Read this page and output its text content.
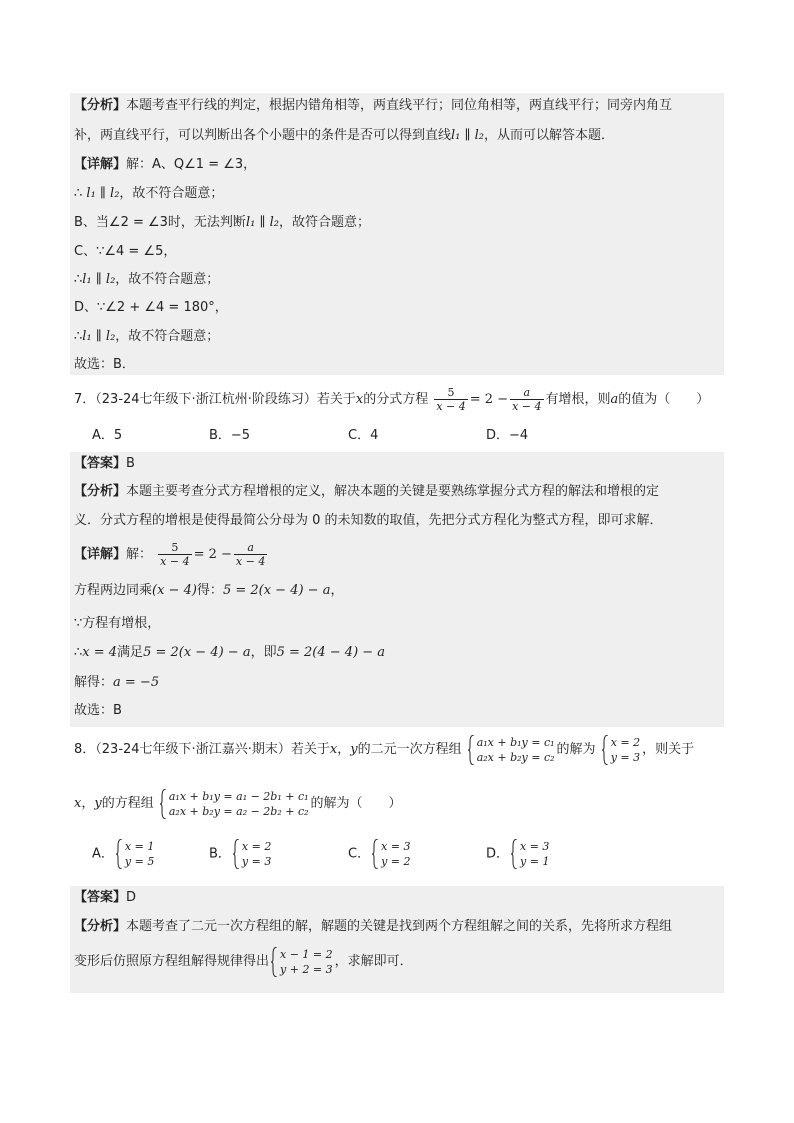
【分析】本题考查平行线的判定，根据内错角相等，两直线平行；同位角相等，两直线平行；同旁内角互
补，两直线平行，可以判断出各个小题中的条件是否可以得到直线l₁ ∥ l₂，从而可以解答本题．
【详解】解：A、Q∠1 = ∠3，
∴ l₁ ∥ l₂，故不符合题意；
B、当∠2 = ∠3时，无法判断l₁ ∥ l₂，故符合题意；
C、∵∠4 = ∠5，
∴l₁ ∥ l₂，故不符合题意；
D、∵∠2 + ∠4 = 180°，
∴l₁ ∥ l₂，故不符合题意；
故选：B．
7．（23-24七年级下·浙江杭州·阶段练习）若关于x的分式方程 $\frac{5}{x - 4} = 2 - \frac{a}{x - 4}$ 有增根，则a的值为（　　）
A．5	B．−5	C．4	D．−4
【答案】B
【分析】本题主要考查分式方程增根的定义，解决本题的关键是要熟练掌握分式方程的解法和增根的定
义．分式方程的增根是使得最简公分母为 0 的未知数的取值，先把分式方程化为整式方程，即可求解．
【详解】解： $\frac{5}{x - 4} = 2 - \frac{a}{x - 4}$
方程两边同乘(x − 4)得：5 = 2(x − 4) − a，
∵方程有增根，
∴x = 4满足5 = 2(x − 4) − a，即5 = 2(4 − 4) − a
解得：a = −5
故选：B
8．（23-24七年级下·浙江嘉兴·期末）若关于x，y的二元一次方程组 a₁x + b₁y = c₁
a₂x + b₂y = c₂ 的解为 x = 2
y = 3 ，则关于
x，y的方程组 a₁x + b₁y = a₁ − 2b₁ + c₁
a₂x + b₂y = a₂ − 2b₂ + c₂ 的解为（　　）
A． x = 1
y = 5	B． x = 2
y = 3	C． x = 3
y = 2	D． x = 3
y = 1
【答案】D
【分析】本题考查了二元一次方程组的解，解题的关键是找到两个方程组解之间的关系，先将所求方程组
变形后仿照原方程组解得规律得出 x − 1 = 2
y + 2 = 3 ，求解即可．
